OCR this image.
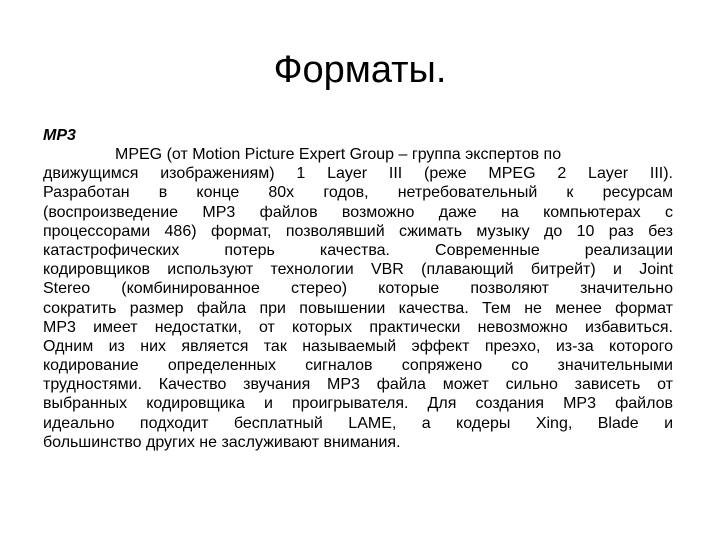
Форматы.

MP3

MPEG (от Motion Picture Expert Group – группа экспертов по
движущимся изображениям) 1 Layer III (реже MPEG 2 Layer III).
Разработан в конце 80х годов, нетребовательный к ресурсам
(воспроизведение MP3 файлов возможно даже на компьютерах с
процессорами 486) формат, позволявший сжимать музыку до 10 раз без
катастрофических потерь качества. Современные реализации
кодировщиков используют технологии VBR (плавающий битрейт) и Joint
Stereo (комбинированное стерео) которые позволяют значительно
сократить размер файла при повышении качества. Тем не менее формат
MP3 имеет недостатки, от которых практически невозможно избавиться.
Одним из них является так называемый эффект преэхо, из-за которого
кодирование определенных сигналов сопряжено со значительными
трудностями. Качество звучания MP3 файла может сильно зависеть от
выбранных кодировщика и проигрывателя. Для создания MP3 файлов
идеально подходит бесплатный LAME, а кодеры Xing, Blade и
большинство других не заслуживают внимания.
